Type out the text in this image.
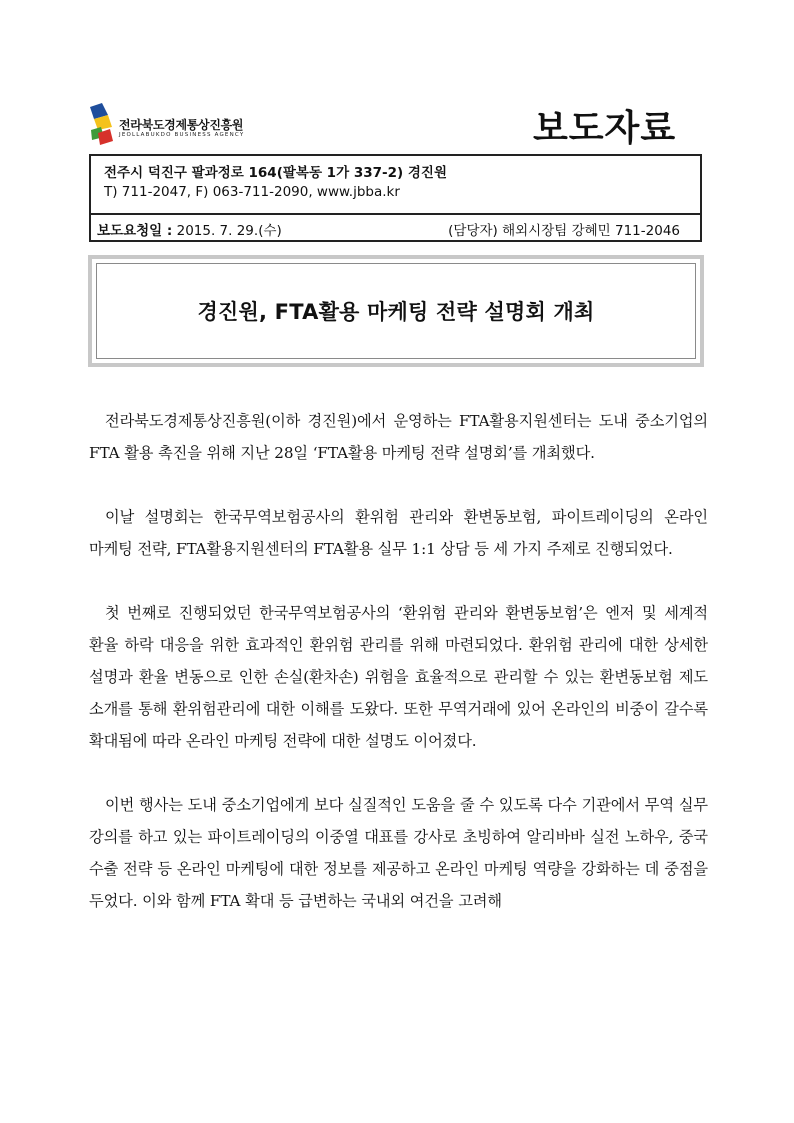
전라북도경제통상진흥원
JEOLLABUKDO BUSINESS AGENCY	보도자료
전주시 덕진구 팔과정로 164(팔복동 1가 337-2) 경진원
T) 711-2047, F) 063-711-2090, www.jbba.kr
보도요청일 : 2015. 7. 29.(수)	(담당자) 해외시장팀 강혜민 711-2046
경진원, FTA활용 마케팅 전략 설명회 개최

전라북도경제통상진흥원(이하 경진원)에서 운영하는 FTA활용지원센터는 도내 중소기업의 FTA 활용 촉진을 위해 지난 28일 ‘FTA활용 마케팅 전략 설명회’를 개최했다.

이날 설명회는 한국무역보험공사의 환위험 관리와 환변동보험, 파이트레이딩의 온라인 마케팅 전략, FTA활용지원센터의 FTA활용 실무 1:1 상담 등 세 가지 주제로 진행되었다.

첫 번째로 진행되었던 한국무역보험공사의 ‘환위험 관리와 환변동보험’은 엔저 및 세계적 환율 하락 대응을 위한 효과적인 환위험 관리를 위해 마련되었다. 환위험 관리에 대한 상세한 설명과 환율 변동으로 인한 손실(환차손) 위험을 효율적으로 관리할 수 있는 환변동보험 제도 소개를 통해 환위험관리에 대한 이해를 도왔다. 또한 무역거래에 있어 온라인의 비중이 갈수록 확대됨에 따라 온라인 마케팅 전략에 대한 설명도 이어졌다.

이번 행사는 도내 중소기업에게 보다 실질적인 도움을 줄 수 있도록 다수 기관에서 무역 실무 강의를 하고 있는 파이트레이딩의 이중열 대표를 강사로 초빙하여 알리바바 실전 노하우, 중국 수출 전략 등 온라인 마케팅에 대한 정보를 제공하고 온라인 마케팅 역량을 강화하는 데 중점을 두었다. 이와 함께 FTA 확대 등 급변하는 국내외 여건을 고려해
